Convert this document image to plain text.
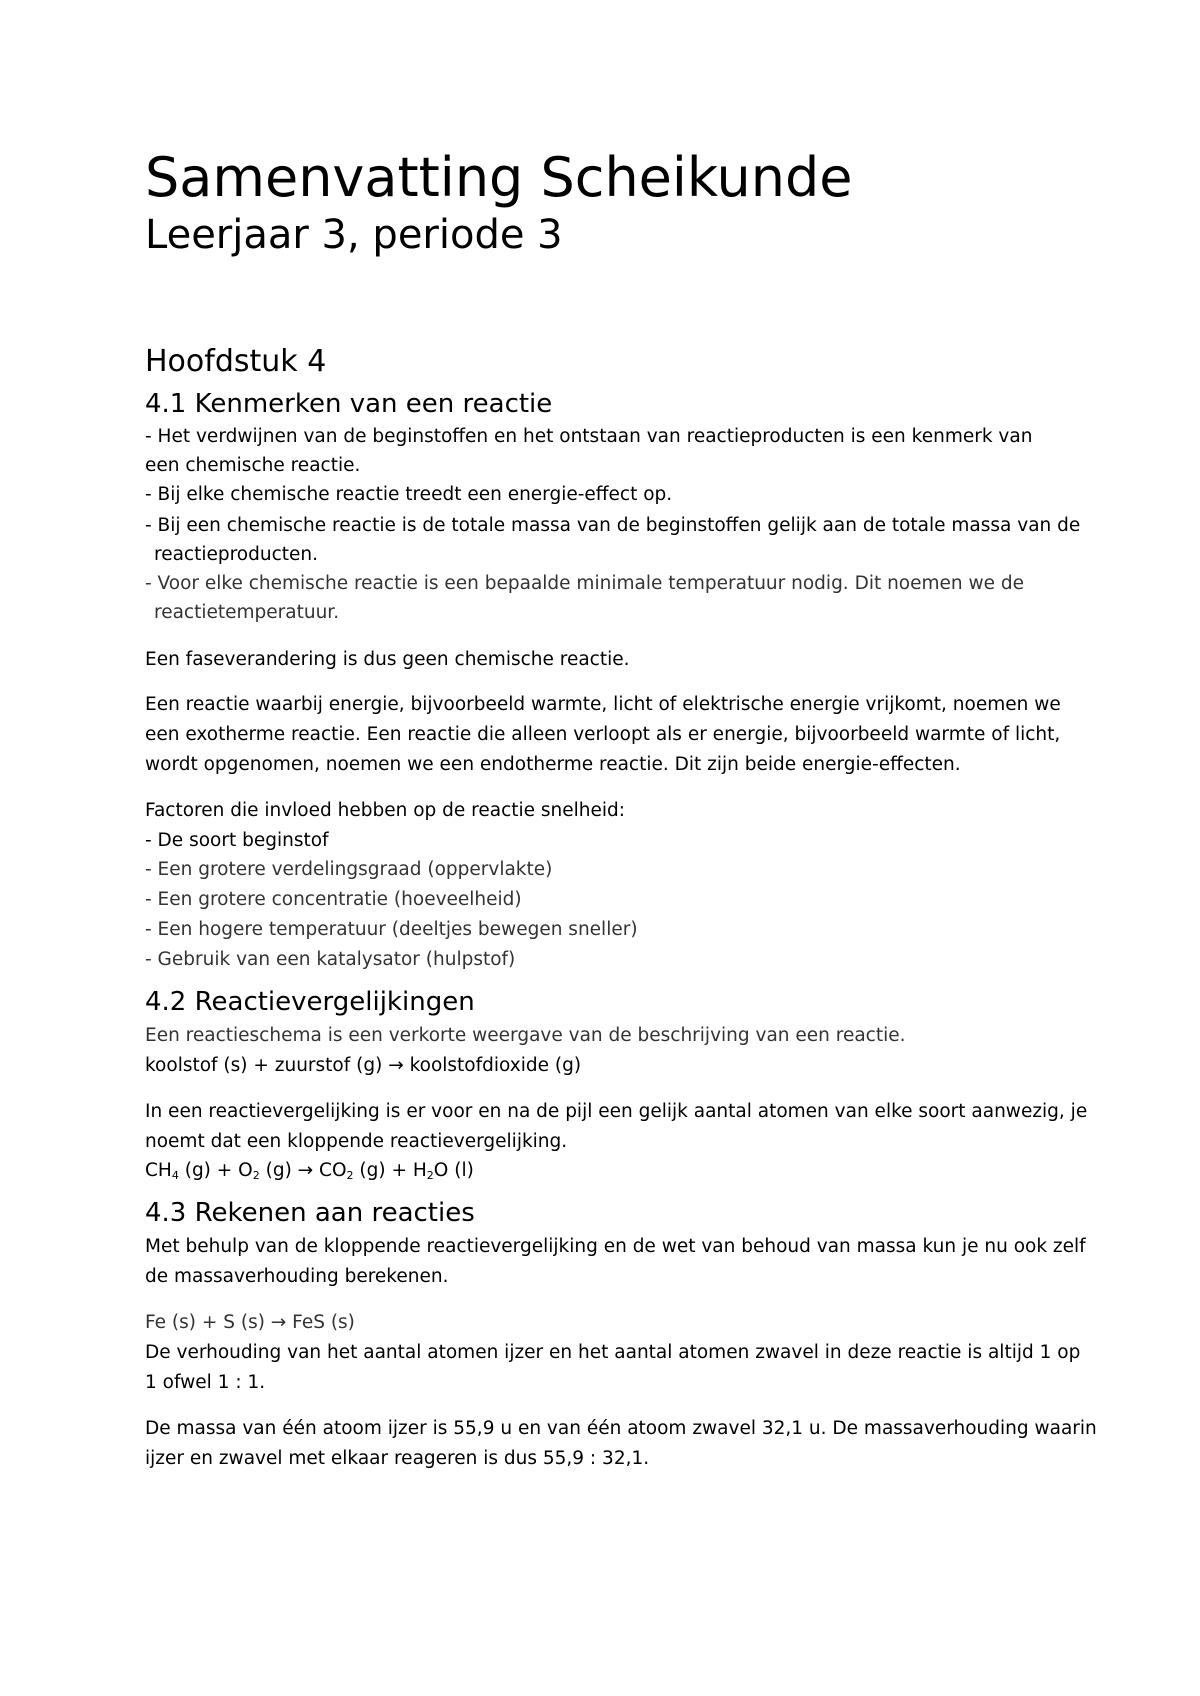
Samenvatting Scheikunde
Leerjaar 3, periode 3
Hoofdstuk 4
4.1 Kenmerken van een reactie
- Het verdwijnen van de beginstoffen en het ontstaan van reactieproducten is een kenmerk van
een chemische reactie.
- Bij elke chemische reactie treedt een energie-effect op.
- Bij een chemische reactie is de totale massa van de beginstoffen gelijk aan de totale massa van de
reactieproducten.
- Voor elke chemische reactie is een bepaalde minimale temperatuur nodig. Dit noemen we de
reactietemperatuur.
Een faseverandering is dus geen chemische reactie.
Een reactie waarbij energie, bijvoorbeeld warmte, licht of elektrische energie vrijkomt, noemen we
een exotherme reactie. Een reactie die alleen verloopt als er energie, bijvoorbeeld warmte of licht,
wordt opgenomen, noemen we een endotherme reactie. Dit zijn beide energie-effecten.
Factoren die invloed hebben op de reactie snelheid:
- De soort beginstof
- Een grotere verdelingsgraad (oppervlakte)
- Een grotere concentratie (hoeveelheid)
- Een hogere temperatuur (deeltjes bewegen sneller)
- Gebruik van een katalysator (hulpstof)
4.2 Reactievergelijkingen
Een reactieschema is een verkorte weergave van de beschrijving van een reactie.
koolstof (s) + zuurstof (g) → koolstofdioxide (g)
In een reactievergelijking is er voor en na de pijl een gelijk aantal atomen van elke soort aanwezig, je
noemt dat een kloppende reactievergelijking.
$CH_4$ $(g) + O_2$ $(g) \to CO_2$ $(g) + H_2O$ (l)
4.3 Rekenen aan reacties
Met behulp van de kloppende reactievergelijking en de wet van behoud van massa kun je nu ook zelf
de massaverhouding berekenen.
Fe (s) + S (s) → FeS (s)
De verhouding van het aantal atomen ijzer en het aantal atomen zwavel in deze reactie is altijd 1 op
1 ofwel 1 : 1.
De massa van één atoom ijzer is 55,9 u en van één atoom zwavel 32,1 u. De massaverhouding waarin
ijzer en zwavel met elkaar reageren is dus 55,9 : 32,1.
